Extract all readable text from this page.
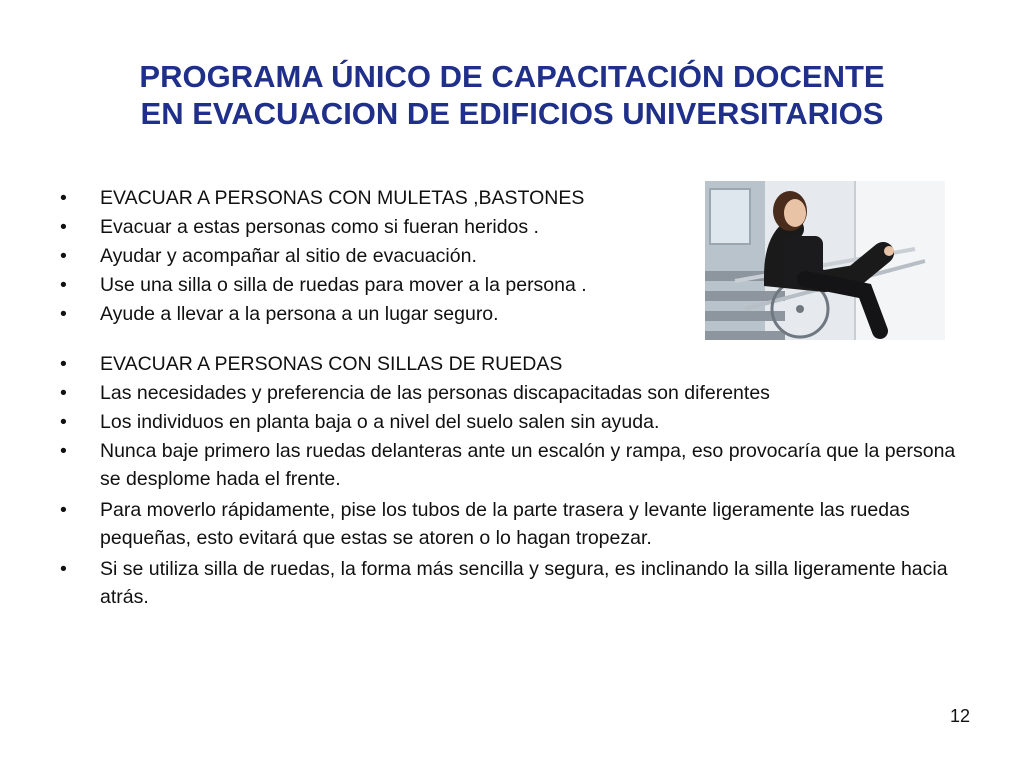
PROGRAMA ÚNICO DE CAPACITACIÓN DOCENTE
EN EVACUACION DE EDIFICIOS UNIVERSITARIOS
• EVACUAR A PERSONAS CON MULETAS ,BASTONES
• Evacuar a estas personas como si fueran heridos .
• Ayudar y acompañar al sitio de evacuación.
• Use una silla o silla de ruedas para mover a la persona .
• Ayude a llevar a la persona a un lugar seguro.
• EVACUAR A PERSONAS CON SILLAS DE RUEDAS
• Las necesidades y preferencia de las personas discapacitadas son diferentes
• Los individuos en planta baja o a nivel del suelo salen sin ayuda.
• Nunca baje primero las ruedas delanteras ante un escalón y rampa, eso provocaría que la persona se desplome hada el frente.
• Para moverlo rápidamente, pise los tubos de la parte trasera y levante ligeramente las ruedas pequeñas, esto evitará que estas se atoren o lo hagan tropezar.
• Si se utiliza silla de ruedas, la forma más sencilla y segura, es inclinando la silla ligeramente hacia atrás.
12
